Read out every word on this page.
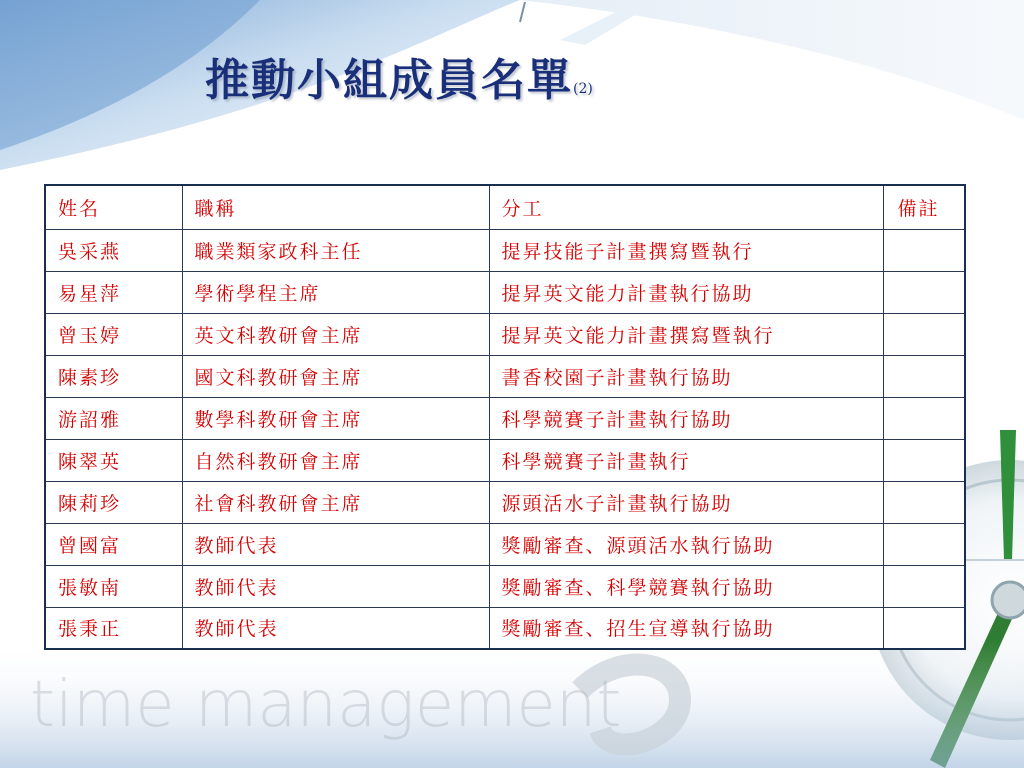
time management
推動小組成員名單(2)
姓名	職稱	分工	備註
吳采燕	職業類家政科主任	提昇技能子計畫撰寫暨執行	
易星萍	學術學程主席	提昇英文能力計畫執行協助	
曾玉婷	英文科教研會主席	提昇英文能力計畫撰寫暨執行	
陳素珍	國文科教研會主席	書香校園子計畫執行協助	
游詔雅	數學科教研會主席	科學競賽子計畫執行協助	
陳翠英	自然科教研會主席	科學競賽子計畫執行	
陳莉珍	社會科教研會主席	源頭活水子計畫執行協助	
曾國富	教師代表	獎勵審查、源頭活水執行協助	
張敏南	教師代表	獎勵審查、科學競賽執行協助	
張秉正	教師代表	獎勵審查、招生宣導執行協助	
